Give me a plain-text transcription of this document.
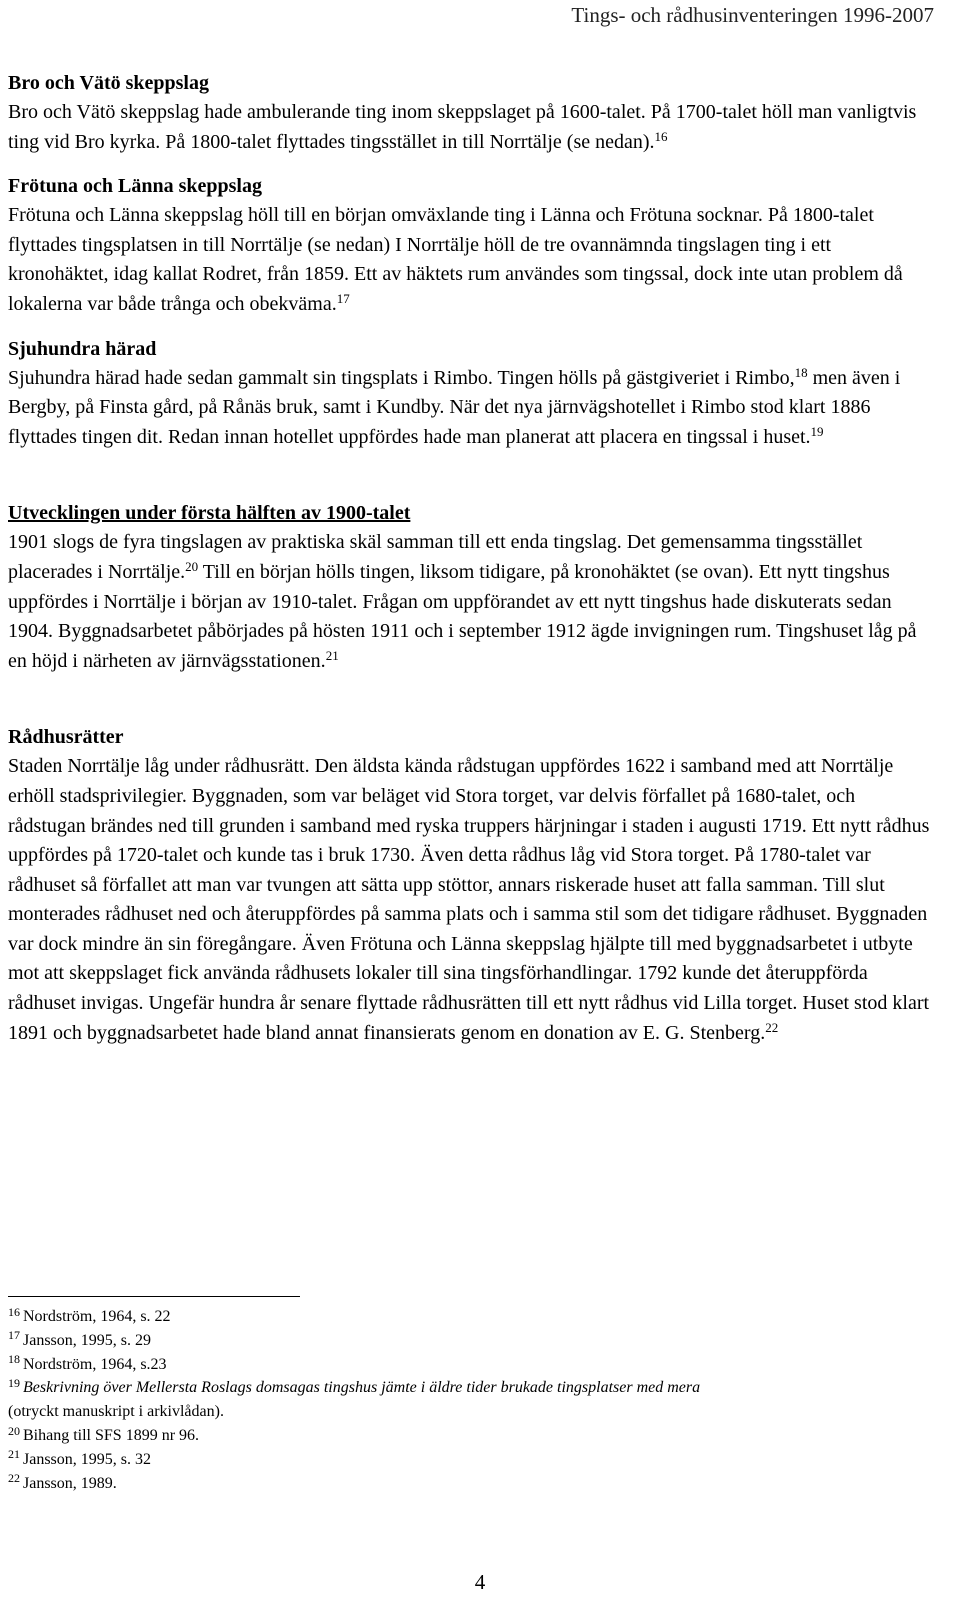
Tings- och rådhusinventeringen 1996-2007

Bro och Vätö skeppslag

Bro och Vätö skeppslag hade ambulerande ting inom skeppslaget på 1600-talet. På 1700-talet höll man vanligtvis ting vid Bro kyrka. På 1800-talet flyttades tingsstället in till Norrtälje (se nedan).$^{16}$

Frötuna och Länna skeppslag

Frötuna och Länna skeppslag höll till en början omväxlande ting i Länna och Frötuna socknar. På 1800-talet flyttades tingsplatsen in till Norrtälje (se nedan) I Norrtälje höll de tre ovannämnda tingslagen ting i ett kronohäktet, idag kallat Rodret, från 1859. Ett av häktets rum användes som tingssal, dock inte utan problem då lokalerna var både trånga och obekväma.$^{17}$

Sjuhundra härad

Sjuhundra härad hade sedan gammalt sin tingsplats i Rimbo. Tingen hölls på gästgiveriet i Rimbo,$^{18}$ men även i Bergby, på Finsta gård, på Rånäs bruk, samt i Kundby. När det nya järnvägshotellet i Rimbo stod klart 1886 flyttades tingen dit. Redan innan hotellet uppfördes hade man planerat att placera en tingssal i huset.$^{19}$

Utvecklingen under första hälften av 1900-talet

1901 slogs de fyra tingslagen av praktiska skäl samman till ett enda tingslag. Det gemensamma tingsstället placerades i Norrtälje.$^{20}$ Till en början hölls tingen, liksom tidigare, på kronohäktet (se ovan). Ett nytt tingshus uppfördes i Norrtälje i början av 1910-talet. Frågan om uppförandet av ett nytt tingshus hade diskuterats sedan 1904. Byggnadsarbetet påbörjades på hösten 1911 och i september 1912 ägde invigningen rum. Tingshuset låg på en höjd i närheten av järnvägsstationen.$^{21}$

Rådhusrätter

Staden Norrtälje låg under rådhusrätt. Den äldsta kända rådstugan uppfördes 1622 i samband med att Norrtälje erhöll stadsprivilegier. Byggnaden, som var beläget vid Stora torget, var delvis förfallet på 1680-talet, och rådstugan brändes ned till grunden i samband med ryska truppers härjningar i staden i augusti 1719. Ett nytt rådhus uppfördes på 1720-talet och kunde tas i bruk 1730. Även detta rådhus låg vid Stora torget. På 1780-talet var rådhuset så förfallet att man var tvungen att sätta upp stöttor, annars riskerade huset att falla samman. Till slut monterades rådhuset ned och återuppfördes på samma plats och i samma stil som det tidigare rådhuset. Byggnaden var dock mindre än sin föregångare. Även Frötuna och Länna skeppslag hjälpte till med byggnadsarbetet i utbyte mot att skeppslaget fick använda rådhusets lokaler till sina tingsförhandlingar. 1792 kunde det återuppförda rådhuset invigas. Ungefär hundra år senare flyttade rådhusrätten till ett nytt rådhus vid Lilla torget. Huset stod klart 1891 och byggnadsarbetet hade bland annat finansierats genom en donation av E. G. Stenberg.$^{22}$

$^{16}$ Nordström, 1964, s. 22

$^{17}$ Jansson, 1995, s. 29

$^{18}$ Nordström, 1964, s.23

$^{19}$ Beskrivning över Mellersta Roslags domsagas tingshus jämte i äldre tider brukade tingsplatser med mera
(otryckt manuskript i arkivlådan).

$^{20}$ Bihang till SFS 1899 nr 96.

$^{21}$ Jansson, 1995, s. 32

$^{22}$ Jansson, 1989.

4
